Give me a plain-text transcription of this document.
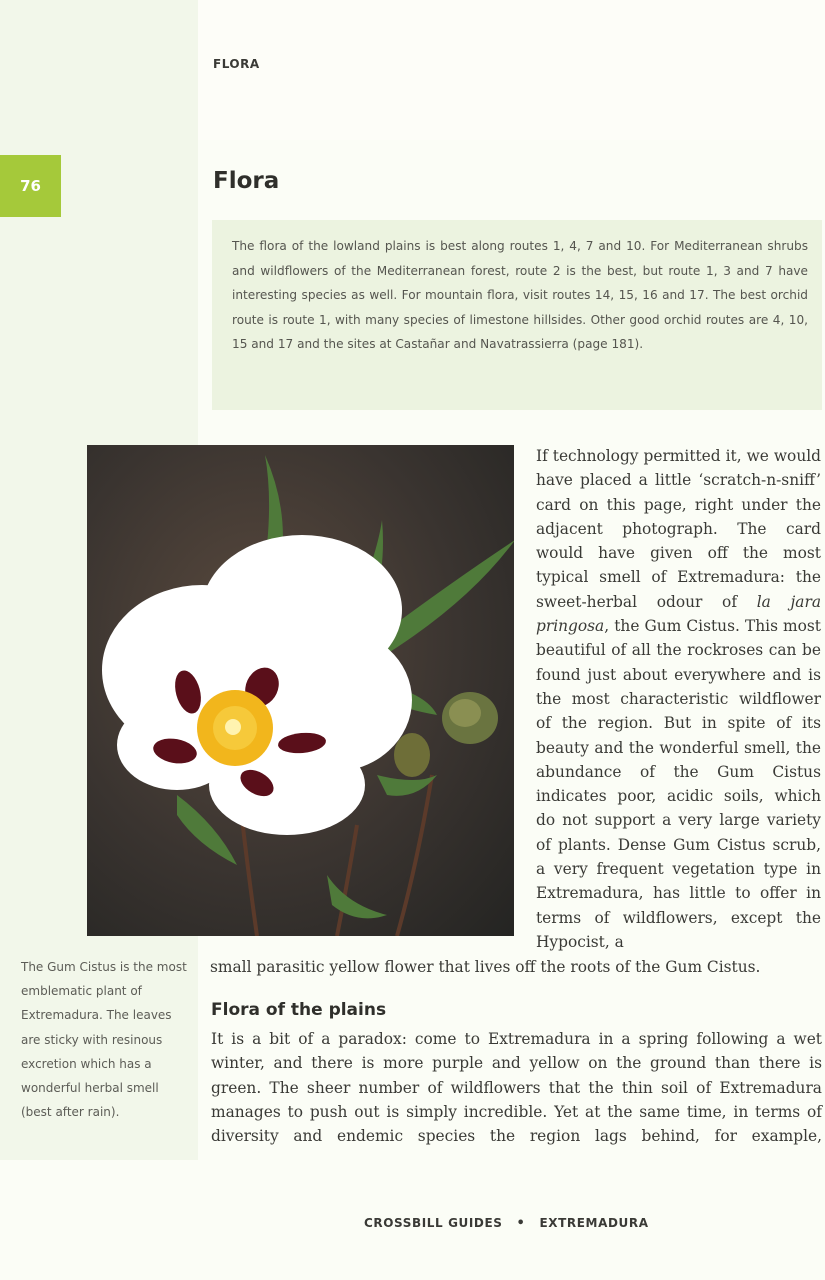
FLORA
76	Flora

The flora of the lowland plains is best along routes 1, 4, 7 and 10. For Mediterranean shrubs and wildflowers of the Mediterranean forest, route 2 is the best, but route 1, 3 and 7 have interesting species as well. For mountain flora, visit routes 14, 15, 16 and 17. The best orchid route is route 1, with many species of limestone hillsides. Other good orchid routes are 4, 10, 15 and 17 and the sites at Castañar and Navatrassierra (page 181).

If technology permitted it, we would have placed a little ‘scratch-n-sniff’ card on this page, right under the adjacent photograph. The card would have given off the most typical smell of Extremadura: the sweet-herbal odour of la jara pringosa, the Gum Cistus. This most beautiful of all the rockroses can be found just about everywhere and is the most characteristic wildflower of the region. But in spite of its beauty and the wonderful smell, the abundance of the Gum Cistus indicates poor, acidic soils, which do not support a very large variety of plants. Dense Gum Cistus scrub, a very frequent vegetation type in Extremadura, has little to offer in terms of wildflowers, except the Hypocist, a

small parasitic yellow flower that lives off the roots of the Gum Cistus.

The Gum Cistus is the most emblematic plant of Extremadura. The leaves are sticky with resinous excretion which has a wonderful herbal smell (best after rain).

Flora of the plains

It is a bit of a paradox: come to Extremadura in a spring following a wet winter, and there is more purple and yellow on the ground than there is green. The sheer number of wildflowers that the thin soil of Extremadura manages to push out is simply incredible. Yet at the same time, in terms of diversity and endemic species the region lags behind, for example,

CROSSBILL GUIDES • EXTREMADURA
